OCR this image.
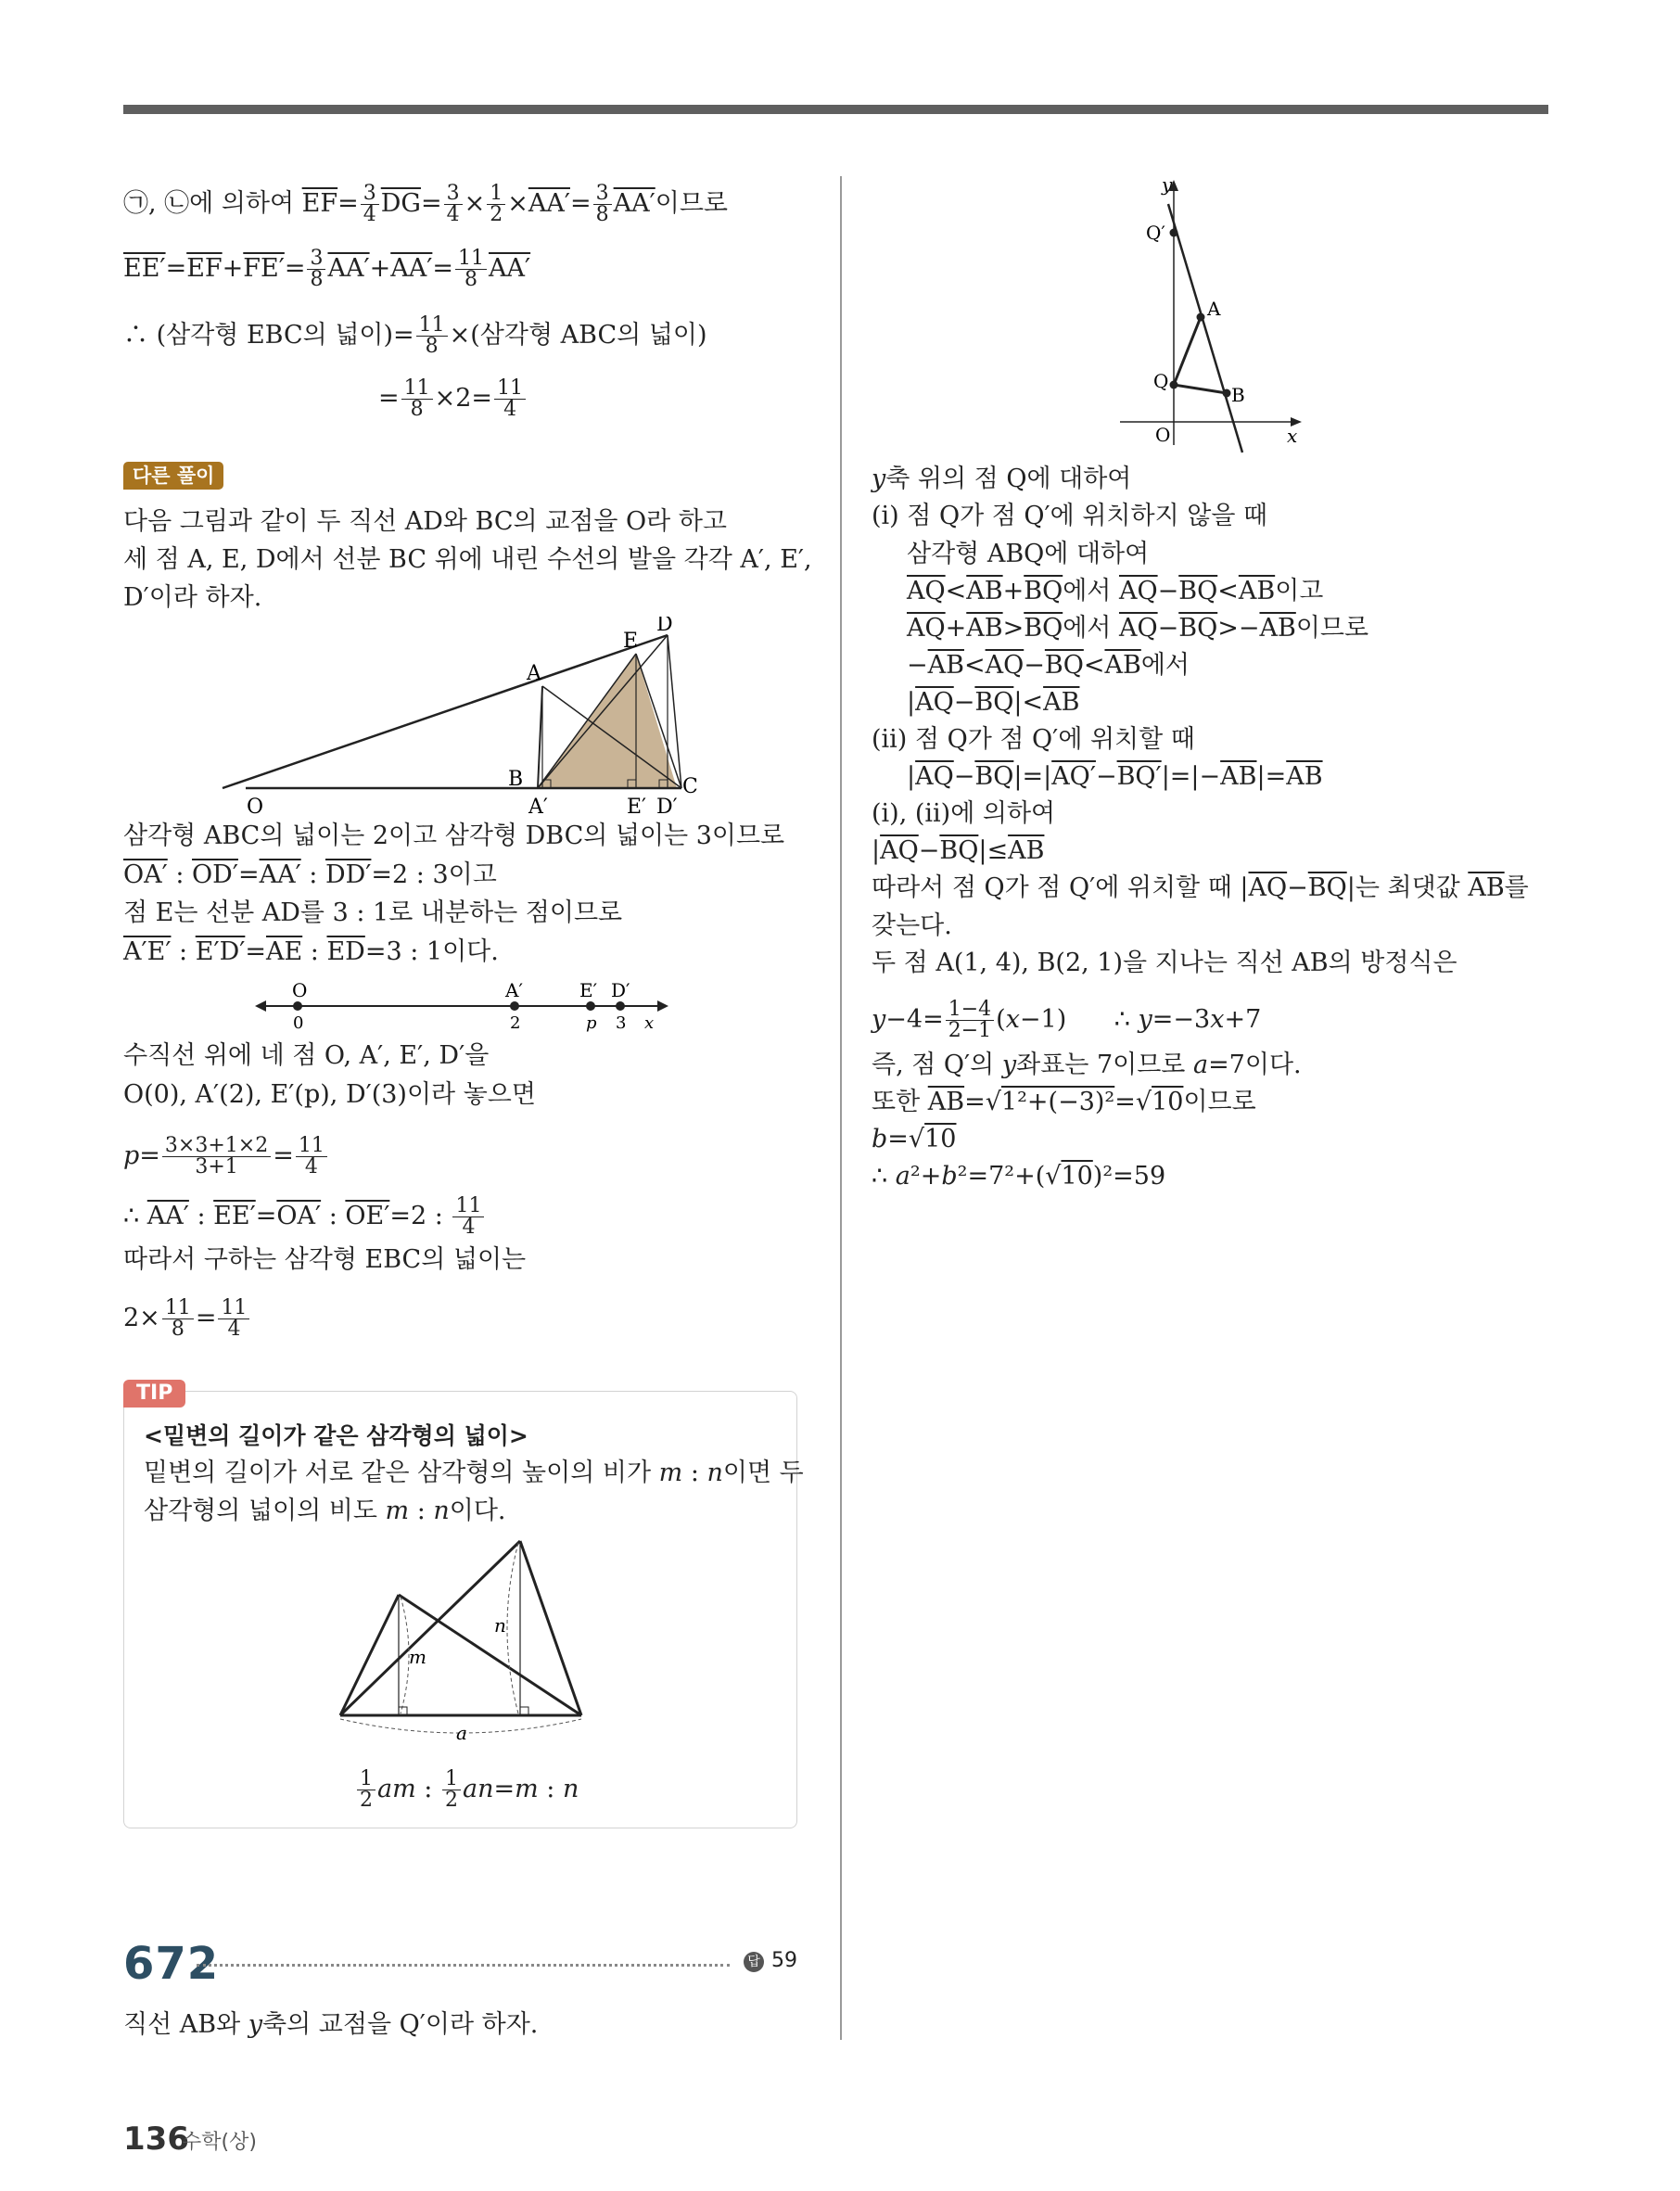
㉠, ㉡에 의하여 $\overline{EF}= \frac{3}{4} \overline{DG}= \frac{3}{4} \times \frac{1}{2} \times AA'= \frac{3}{8} AA'$이므로
$EE'=\overline{EF}+FE'= \frac{3}{8} AA'+AA'= \frac{11}{8} AA'$
∴ (삼각형 EBC의 넓이)= $\frac{11}{8}$ ×(삼각형 ABC의 넓이)
= $\frac{11}{8} \times 2= \frac{11}{4}$
다른 풀이
다음 그림과 같이 두 직선 AD와 BC의 교점을 O라 하고
세 점 A, E, D에서 선분 BC 위에 내린 수선의 발을 각각 A′, E′,
D′이라 하자.
O
A
B
A′
E
D
E′ D′
C
삼각형 ABC의 넓이는 2이고 삼각형 DBC의 넓이는 3이므로
OA′ : OD′=AA′ : DD′=2 : 3이고
점 E는 선분 AD를 3 : 1로 내분하는 점이므로
A′E′ : $E'D'=\overline{AE}$ : $\overline{ED}=3$ : 1이다.
O	A′	E′ D′
0	2	p 3 x
수직선 위에 네 점 O, A′, E′, D′을
O(0), A′(2), E′(p), D′(3)이라 놓으면
$p= \frac{3\times 3+1\times 2}{3+1} = \frac{11}{4}$
∴ AA′ : EE′=OA′ : OE′=2 : $\frac{11}{4}$
따라서 구하는 삼각형 EBC의 넓이는
$2\times \frac{11}{8} = \frac{11}{4}$
TIP
<밑변의 길이가 같은 삼각형의 넓이>
밑변의 길이가 서로 같은 삼각형의 높이의 비가 m : n이면 두
삼각형의 넓이의 비도 m : n이다.
m
n
a
$\frac{1}{2}$ am : $\frac{1}{2} an=m$ : n
672	답 59
직선 AB와 y축의 교점을 Q′이라 하자.
y
Q′
A
Q
B
O	x
y축 위의 점 Q에 대하여
(ⅰ) 점 Q가 점 Q′에 위치하지 않을 때
삼각형 ABQ에 대하여
$\overline{AQ}<\overline{AB}+\overline{BQ}$에서 $\overline{AQ}-\overline{BQ}<\overline{AB}$이고
$\overline{AQ}+\overline{AB}>\overline{BQ}$에서 $\overline{AQ}-\overline{BQ}>-\overline{AB}$이므로
$-\overline{AB}<\overline{AQ}-\overline{BQ}<\overline{AB}$에서
$|\overline{AQ}-\overline{BQ}|<\overline{AB}$
(ⅱ) 점 Q가 점 Q′에 위치할 때
$|\overline{AQ}-\overline{BQ}|=|AQ'-BQ'|=|-\overline{AB}|=\overline{AB}$
(ⅰ), (ⅱ)에 의하여
$|\overline{AQ}-\overline{BQ}|\le\overline{AB}$
따라서 점 Q가 점 Q′에 위치할 때 $|\overline{AQ}-\overline{BQ}|$는 최댓값 $\overline{AB}$를
갖는다.
두 점 A(1, 4), B(2, 1)을 지나는 직선 AB의 방정식은
$y-4= \frac{1-4}{2-1} (x-1)$      ∴ y=−3x+7
즉, 점 Q′의 y좌표는 7이므로 a=7이다.
또한 $\overline{AB}=√1^2+(-3)^2=√10$이므로
b=√10
∴ a²+b²=7²+(√10)²=59
136
수학(상)
